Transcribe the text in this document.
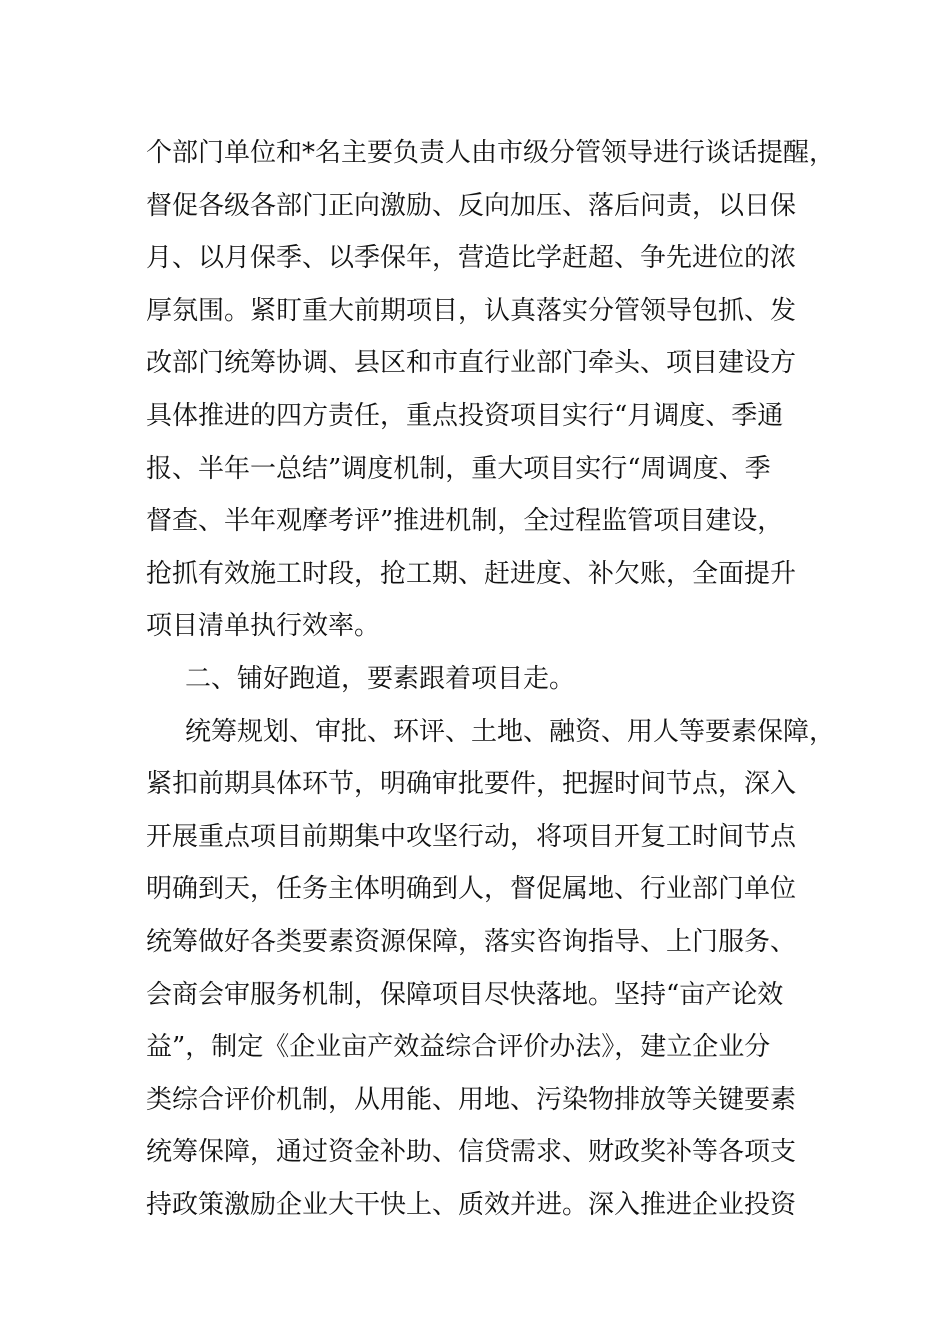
个部门单位和*名主要负责人由市级分管领导进行谈话提醒，
督促各级各部门正向激励、反向加压、落后问责，以日保
月、以月保季、以季保年，营造比学赶超、争先进位的浓
厚氛围。紧盯重大前期项目，认真落实分管领导包抓、发
改部门统筹协调、县区和市直行业部门牵头、项目建设方
具体推进的四方责任，重点投资项目实行“月调度、季通
报、半年一总结”调度机制，重大项目实行“周调度、季
督查、半年观摩考评”推进机制，全过程监管项目建设，
抢抓有效施工时段，抢工期、赶进度、补欠账，全面提升
项目清单执行效率。
二、铺好跑道，要素跟着项目走。
统筹规划、审批、环评、土地、融资、用人等要素保障，
紧扣前期具体环节，明确审批要件，把握时间节点，深入
开展重点项目前期集中攻坚行动，将项目开复工时间节点
明确到天，任务主体明确到人，督促属地、行业部门单位
统筹做好各类要素资源保障，落实咨询指导、上门服务、
会商会审服务机制，保障项目尽快落地。坚持“亩产论效
益”，制定《企业亩产效益综合评价办法》，建立企业分
类综合评价机制，从用能、用地、污染物排放等关键要素
统筹保障，通过资金补助、信贷需求、财政奖补等各项支
持政策激励企业大干快上、质效并进。深入推进企业投资
